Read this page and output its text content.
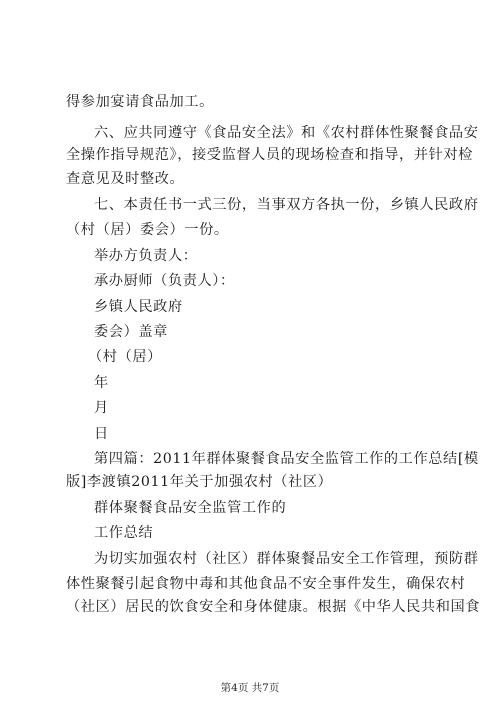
得参加宴请食品加工。
六、应共同遵守《食品安全法》和《农村群体性聚餐食品安
全操作指导规范》，接受监督人员的现场检查和指导，并针对检
查意见及时整改。
七、本责任书一式三份，当事双方各执一份，乡镇人民政府
（村（居）委会）一份。
举办方负责人：
承办厨师（负责人）：
乡镇人民政府
委会）盖章
（村（居）
年
月
日
第四篇：2011年群体聚餐食品安全监管工作的工作总结[模
版]李渡镇2011年关于加强农村（社区）
群体聚餐食品安全监管工作的
工作总结
为切实加强农村（社区）群体聚餐品安全工作管理，预防群
体性聚餐引起食物中毒和其他食品不安全事件发生，确保农村
（社区）居民的饮食安全和身体健康。根据《中华人民共和国食
第4页 共7页
